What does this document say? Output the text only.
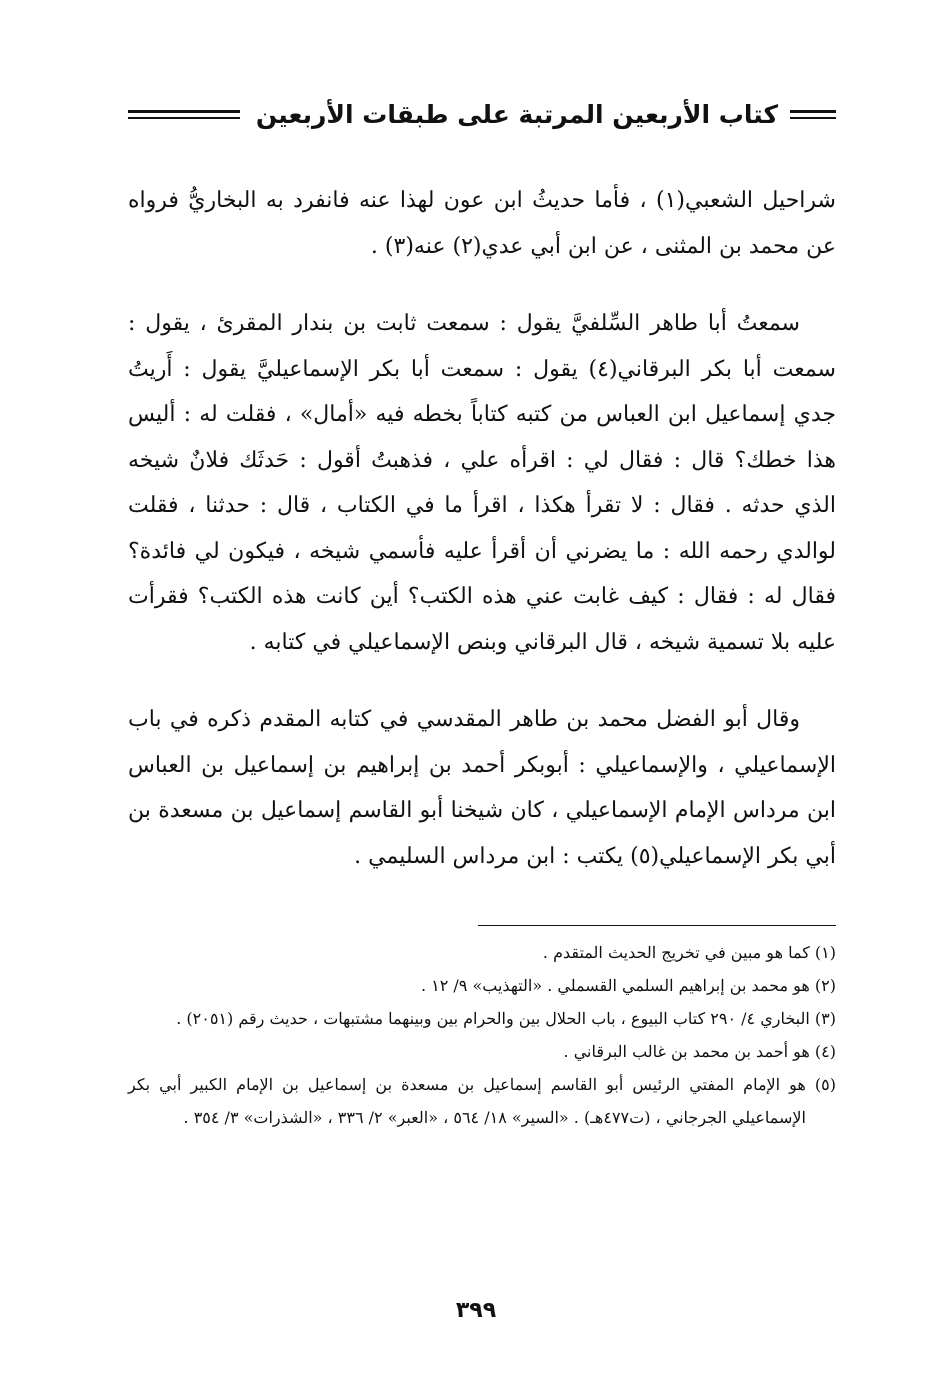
كتاب الأربعين المرتبة على طبقات الأربعين

شراحيل الشعبي(١) ، فأما حديثُ ابن عون لهذا عنه فانفرد به البخاريُّ فرواه عن محمد بن المثنى ، عن ابن أبي عدي(٢) عنه(٣) .

سمعتُ أبا طاهر السِّلفيَّ يقول : سمعت ثابت بن بندار المقرئ ، يقول : سمعت أبا بكر البرقاني(٤) يقول : سمعت أبا بكر الإسماعيليَّ يقول : أَريتُ جدي إسماعيل ابن العباس من كتبه كتاباً بخطه فيه «أمال» ، فقلت له : أليس هذا خطك؟ قال : فقال لي : اقرأه علي ، فذهبتُ أقول : حَدثَك فلانٌ شيخه الذي حدثه . فقال : لا تقرأ هكذا ، اقرأ ما في الكتاب ، قال : حدثنا ، فقلت لوالدي رحمه الله : ما يضرني أن أقرأ عليه فأسمي شيخه ، فيكون لي فائدة؟ فقال له : فقال : كيف غابت عني هذه الكتب؟ أين كانت هذه الكتب؟ فقرأت عليه بلا تسمية شيخه ، قال البرقاني وبنص الإسماعيلي في كتابه .

وقال أبو الفضل محمد بن طاهر المقدسي في كتابه المقدم ذكره في باب الإسماعيلي ، والإسماعيلي : أبوبكر أحمد بن إبراهيم بن إسماعيل بن العباس ابن مرداس الإمام الإسماعيلي ، كان شيخنا أبو القاسم إسماعيل بن مسعدة بن أبي بكر الإسماعيلي(٥) يكتب : ابن مرداس السليمي .

(١) كما هو مبين في تخريج الحديث المتقدم .

(٢) هو محمد بن إبراهيم السلمي القسملي . «التهذيب» ٩/ ١٢ .

(٣) البخاري ٤/ ٢٩٠ كتاب البيوع ، باب الحلال بين والحرام بين وبينهما مشتبهات ، حديث رقم (٢٠٥١) .

(٤) هو أحمد بن محمد بن غالب البرقاني .

(٥) هو الإمام المفتي الرئيس أبو القاسم إسماعيل بن مسعدة بن إسماعيل بن الإمام الكبير أبي بكر الإسماعيلي الجرجاني ، (ت٤٧٧هـ) . «السير» ١٨/ ٥٦٤ ، «العبر» ٢/ ٣٣٦ ، «الشذرات» ٣/ ٣٥٤ .

٣٩٩
